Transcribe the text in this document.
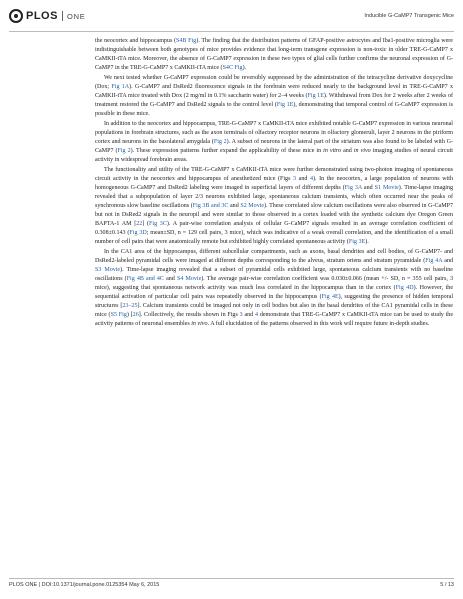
PLOS ONE	Inducible G-CaMP7 Transgenic Mice

the neocortex and hippocampus (S4B Fig). The finding that the distribution patterns of GFAP-positive astrocytes and Iba1-positive microglia were indistinguishable between both genotypes of mice provides evidence that long-term transgene expression is non-toxic in older TRE-G-CaMP7 x CaMKII-tTA mice. Moreover, the absence of G-CaMP7 expression in these two types of glial cells further confirms the neuronal expression of G-CaMP7 in the TRE-G-CaMP7 x CaMKII-tTA mice (S4C Fig).

We next tested whether G-CaMP7 expression could be reversibly suppressed by the administration of the tetracycline derivative doxycycline (Dox; Fig 1A). G-CaMP7 and DsRed2 fluorescence signals in the forebrain were reduced nearly to the background level in TRE-G-CaMP7 x CaMKII-tTA mice treated with Dox (2 mg/ml in 0.1% saccharin water) for 2–4 weeks (Fig 1E). Withdrawal from Dox for 2 weeks after 2 weeks of treatment restored the G-CaMP7 and DsRed2 signals to the control level (Fig 1E), demonstrating that temporal control of G-CaMP7 expression is possible in these mice.

In addition to the neocortex and hippocampus, TRE-G-CaMP7 x CaMKII-tTA mice exhibited notable G-CaMP7 expression in various neuronal populations in forebrain structures, such as the axon terminals of olfactory receptor neurons in olfactory glomeruli, layer 2 neurons in the piriform cortex and neurons in the basolateral amygdala (Fig 2). A subset of neurons in the lateral part of the striatum was also found to be labeled with G-CaMP7 (Fig 2). These expression patterns further expand the applicability of these mice in in vitro and in vivo imaging studies of neural circuit activity in widespread forebrain areas.

The functionality and utility of the TRE-G-CaMP7 x CaMKII-tTA mice were further demonstrated using two-photon imaging of spontaneous circuit activity in the neocortex and hippocampus of anesthetized mice (Figs 3 and 4). In the neocortex, a large population of neurons with homogeneous G-CaMP7 and DsRed2 labeling were imaged in superficial layers of different depths (Fig 3A and S1 Movie). Time-lapse imaging revealed that a subpopulation of layer 2/3 neurons exhibited large, spontaneous calcium transients, which often occurred near the peaks of synchronous slow baseline oscillations (Fig 3B and 3C and S2 Movie). These correlated slow calcium oscillations were also observed in G-CaMP7 but not in DsRed2 signals in the neuropil and were similar to those observed in a cortex loaded with the synthetic calcium dye Oregon Green BAPTA-1 AM [22] (Fig 3C). A pair-wise correlation analysis of cellular G-CaMP7 signals resulted in an average correlation coefficient of 0.308±0.143 (Fig 3D; mean±SD, n = 129 cell pairs, 3 mice), which was indicative of a weak overall correlation, and the identification of a small number of cell pairs that were anatomically remote but exhibited highly correlated spontaneous activity (Fig 3E).

In the CA1 area of the hippocampus, different subcellular compartments, such as axons, basal dendrites and cell bodies, of G-CaMP7- and DsRed2-labeled pyramidal cells were imaged at different depths corresponding to the alveus, stratum oriens and stratum pyramidale (Fig 4A and S3 Movie). Time-lapse imaging revealed that a subset of pyramidal cells exhibited large, spontaneous calcium transients with no baseline oscillations (Fig 4B and 4C and S4 Movie). The average pair-wise correlation coefficient was 0.030±0.066 (mean +/- SD, n = 355 cell pairs, 3 mice), suggesting that spontaneous network activity was much less correlated in the hippocampus than in the cortex (Fig 4D). However, the sequential activation of particular cell pairs was repeatedly observed in the hippocampus (Fig 4E), suggesting the presence of hidden temporal structures [23–25]. Calcium transients could be imaged not only in cell bodies but also in the basal dendrites of the CA1 pyramidal cells in these mice (S5 Fig) [26]. Collectively, the results shown in Figs 3 and 4 demonstrate that TRE-G-CaMP7 x CaMKII-tTA mice can be used to study the activity patterns of neuronal ensembles in vivo. A full elucidation of the patterns observed in this work will require future in-depth studies.

PLOS ONE | DOI:10.1371/journal.pone.0125354 May 6, 2015	5 / 13
